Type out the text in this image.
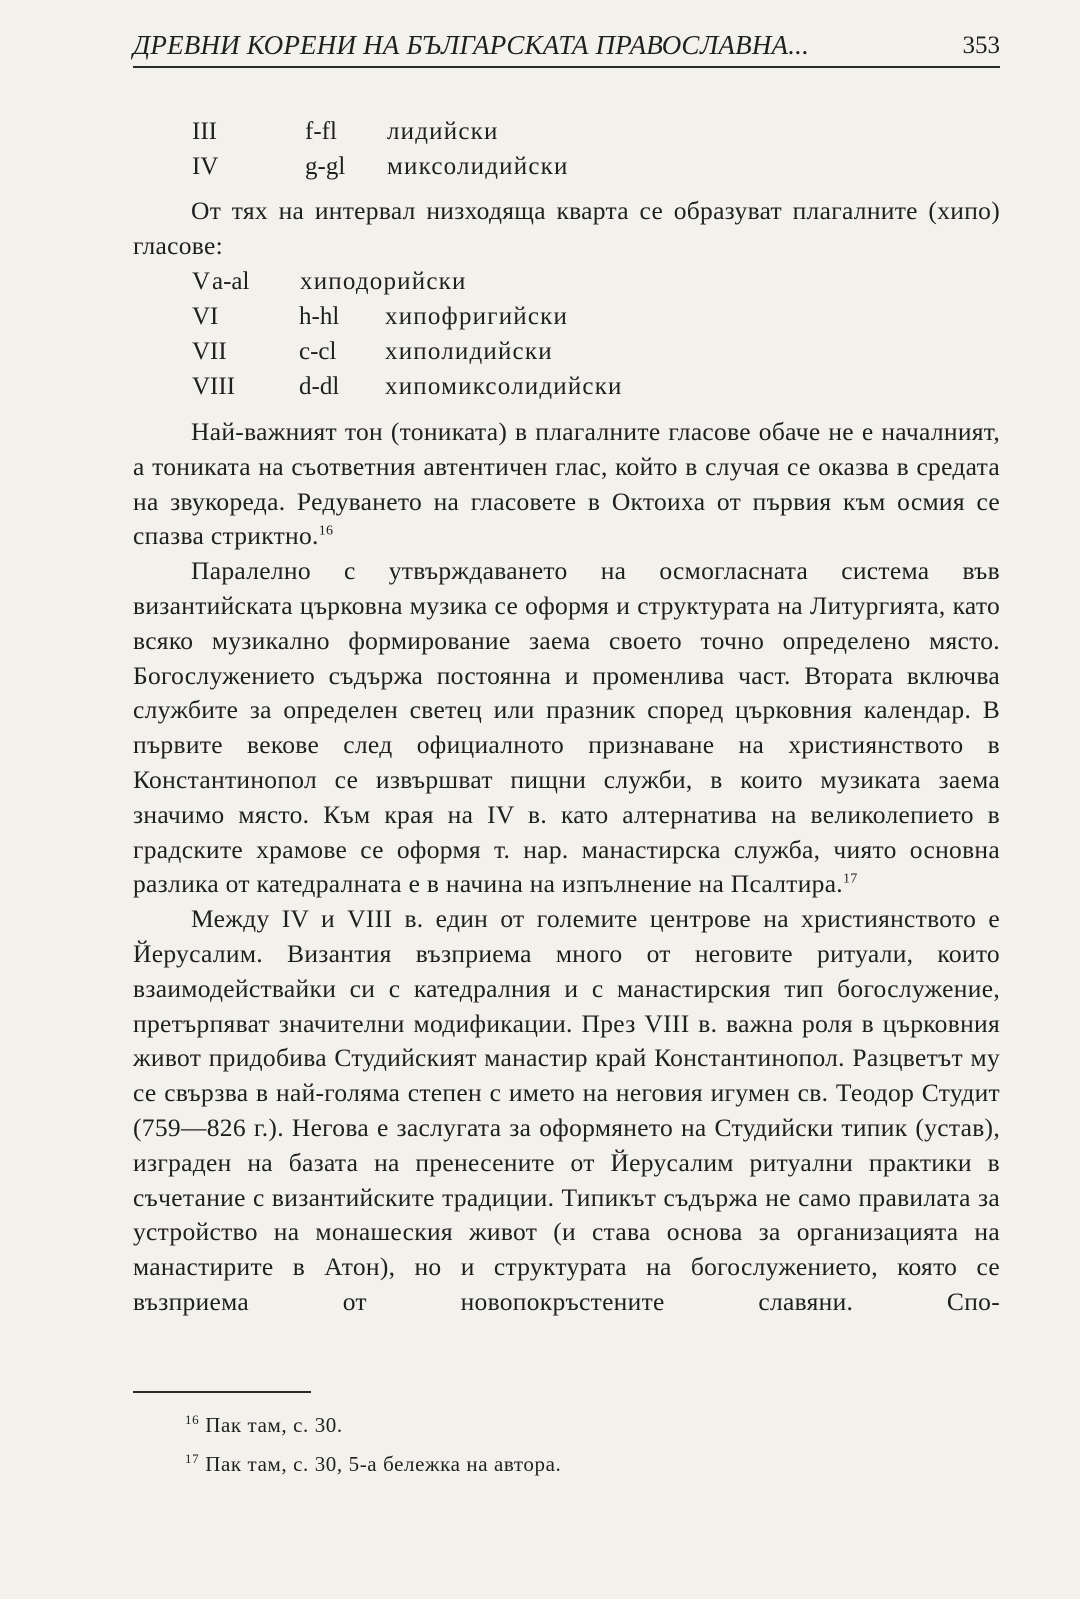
ДРЕВНИ КОРЕНИ НА БЪЛГАРСКАТА ПРАВОСЛАВНА...	353
III	f-fl лидийски
IV	g-gl миксолидийски

От тях на интервал низходяща кварта се образуват плагалните (хипо) гласове:

V a-al хиподорийски
VI	h-hl хипофригийски
VII	c-cl хиполидийски
VIII	d-dl хипомиксолидийски

Най-важният тон (тониката) в плагалните гласове обаче не е началният, а тониката на съответния автентичен глас, който в случая се оказва в средата на звукореда. Редуването на гласовете в Октоиха от първия към осмия се спазва стриктно.$^{16}$

Паралелно с утвърждаването на осмогласната система във византийската църковна музика се оформя и структурата на Литургията, като всяко музикално формирование заема своето точно определено място. Богослужението съдържа постоянна и променлива част. Втората включва службите за определен светец или празник според църковния календар. В първите векове след официалното признаване на християнството в Константинопол се извършват пищни служби, в които музиката заема значимо място. Към края на IV в. като алтернатива на великолепието в градските храмове се оформя т. нар. манастирска служба, чиято основна разлика от катедралната е в начина на изпълнение на Псалтира.$^{17}$

Между IV и VIII в. един от големите центрове на християнството е Йерусалим. Византия възприема много от неговите ритуали, които взаимодействайки си с катедралния и с манастирския тип богослужение, претърпяват значителни модификации. През VIII в. важна роля в църковния живот придобива Студийският манастир край Константинопол. Разцветът му се свързва в най-голяма степен с името на неговия игумен св. Теодор Студит (759—826 г.). Негова е заслугата за оформянето на Студийски типик (устав), изграден на базата на пренесените от Йерусалим ритуални практики в съчетание с византийските традиции. Типикът съдържа не само правилата за устройство на монашеския живот (и става основа за организацията на манастирите в Атон), но и структурата на богослужението, която се възприема от новопокръстените славяни. Спо-

$^{16}$ Пак там, с. 30.
$^{17}$ Пак там, с. 30, 5-а бележка на автора.
